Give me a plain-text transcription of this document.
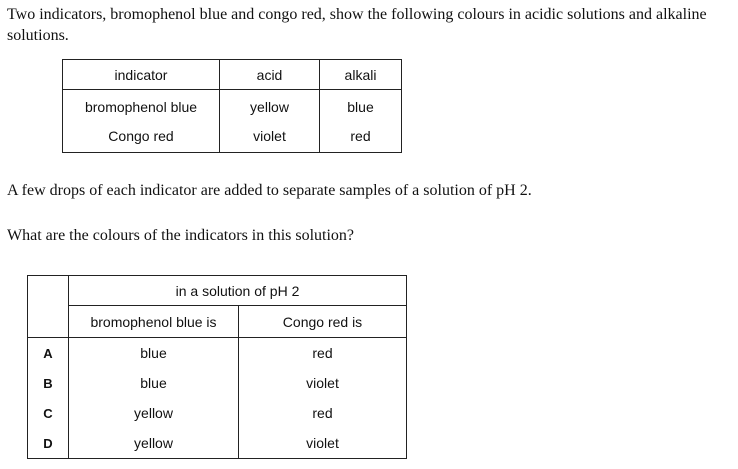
Two indicators, bromophenol blue and congo red, show the following colours in acidic solutions and alkaline solutions.
indicator	acid	alkali
bromophenol blue	yellow	blue
Congo red	violet	red
A few drops of each indicator are added to separate samples of a solution of pH 2.
What are the colours of the indicators in this solution?
	in a solution of pH 2	
	bromophenol blue is	Congo red is
A	blue	red
B	blue	violet
C	yellow	red
D	yellow	violet
